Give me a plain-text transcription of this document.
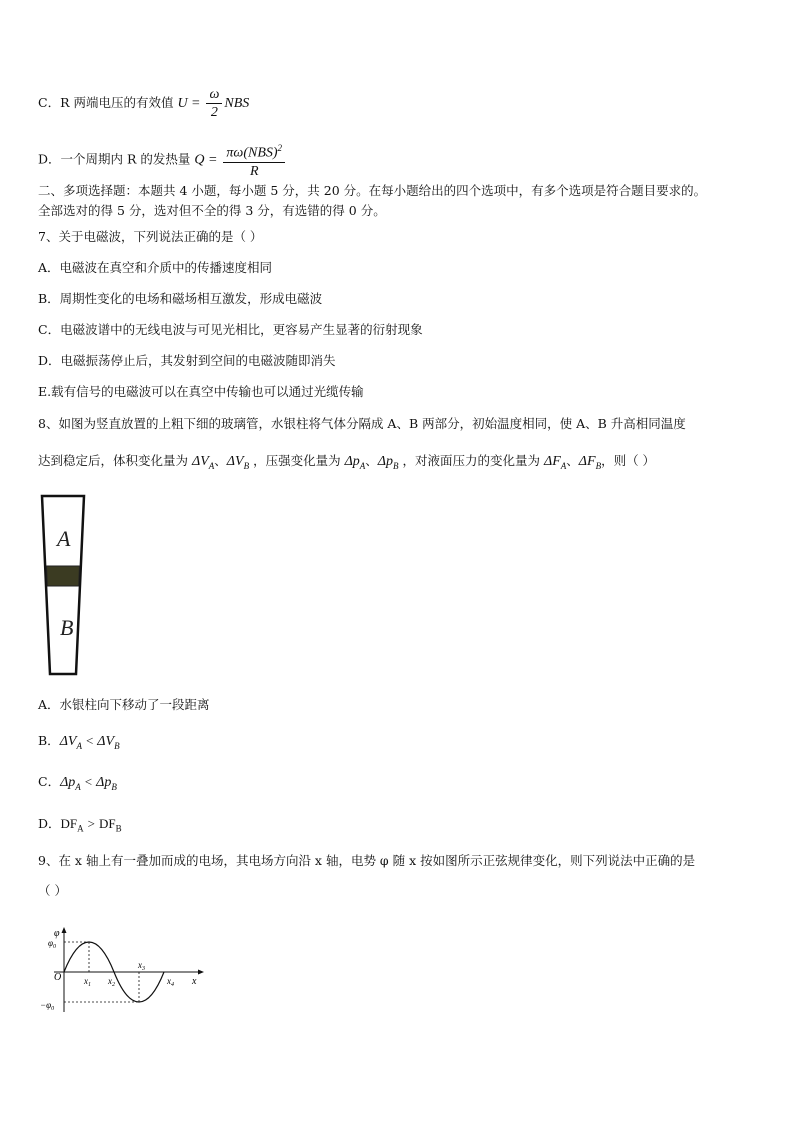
C．R 两端电压的有效值 $U = \frac{\omega}{2}$ NBS
D．一个周期内 R 的发热量 $Q = \frac{\pi\omega(NBS)^2}{R}$
二、多项选择题：本题共 4 小题，每小题 5 分，共 20 分。在每小题给出的四个选项中，有多个选项是符合题目要求的。
全部选对的得 5 分，选对但不全的得 3 分，有选错的得 0 分。
7、关于电磁波，下列说法正确的是（ ）
A．电磁波在真空和介质中的传播速度相同
B．周期性变化的电场和磁场相互激发，形成电磁波
C．电磁波谱中的无线电波与可见光相比，更容易产生显著的衍射现象
D．电磁振荡停止后，其发射到空间的电磁波随即消失
E.载有信号的电磁波可以在真空中传输也可以通过光缆传输
8、如图为竖直放置的上粗下细的玻璃管，水银柱将气体分隔成 A、B 两部分，初始温度相同，使 A、B 升高相同温度
达到稳定后，体积变化量为 $\Delta V_A$、$\Delta V_B$ ，压强变化量为 $\Delta p_A$、$\Delta p_B$ ，对液面压力的变化量为 $\Delta F_A$、$\Delta F_B$，则（ ）
A
B
A．水银柱向下移动了一段距离
B．$\Delta V_A < \Delta V_B$
C．$\Delta p_A < \Delta p_B$
D．$DF_A > DF_B$
9、在 x 轴上有一叠加而成的电场，其电场方向沿 x 轴，电势 φ 随 x 按如图所示正弦规律变化，则下列说法中正确的是
（ ）
φ
$\varphi_0$
$-\varphi_0$
O	$x_1$ $x_2$
$x_3$
$x_4$ x
